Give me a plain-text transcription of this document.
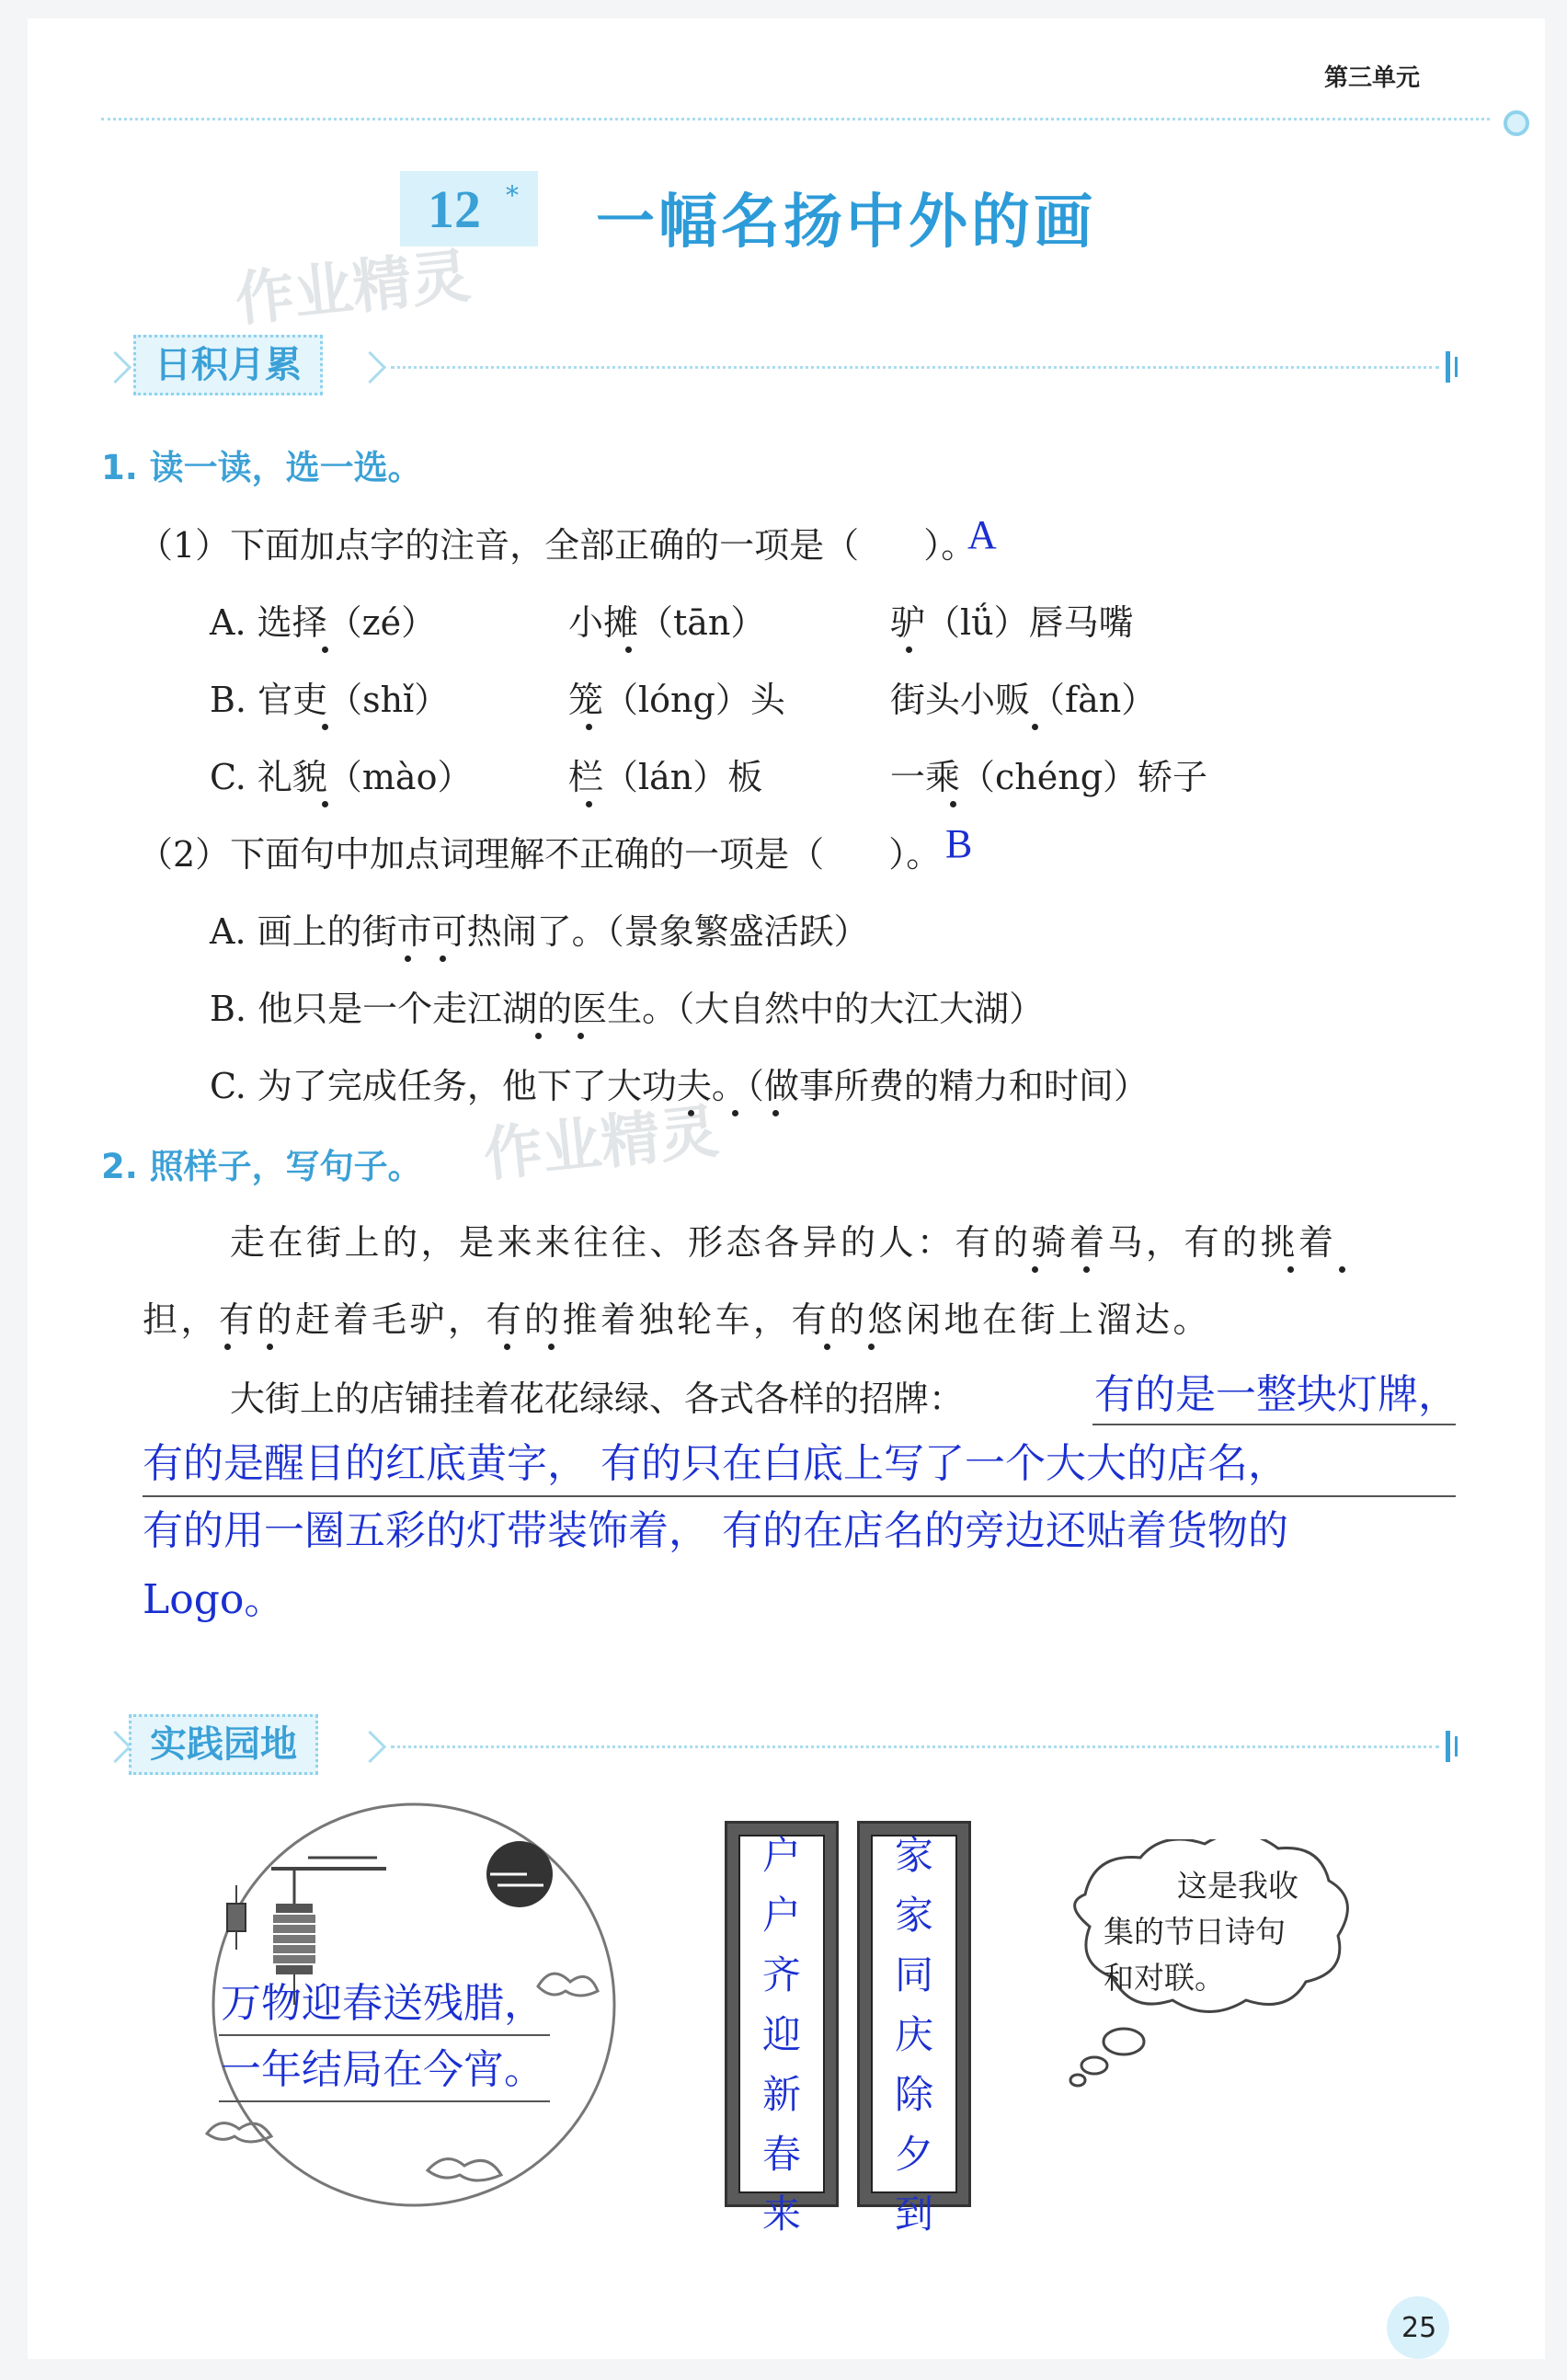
第三单元
12 * 一幅名扬中外的画
作业精灵
日积月累
1. 读一读，选一选。
（1）下面加点字的注音，全部正确的一项是（ ）。
A
A. 选择（zé）	小摊（tān）	驴（lǘ）唇马嘴
B. 官吏（shǐ）	笼（lóng）头	街头小贩（fàn）
C. 礼貌（mào）	栏（lán）板	一乘（chéng）轿子
（2）下面句中加点词理解不正确的一项是（ ）。 B
A. 画上的街市可热闹了。（景象繁盛活跃）
B. 他只是一个走江湖的医生。（大自然中的大江大湖）
C. 为了完成任务，他下了大功夫。（做事所费的精力和时间）
作业精灵
2. 照样子，写句子。
走在街上的，是来来往往、形态各异的人：有的骑着马，有的挑着
担，有的赶着毛驴，有的推着独轮车，有的悠闲地在街上溜达。
大街上的店铺挂着花花绿绿、各式各样的招牌：	有的是一整块灯牌，
有的是醒目的红底黄字， 有的只在白底上写了一个大大的店名，
有的用一圈五彩的灯带装饰着， 有的在店名的旁边还贴着货物的
Logo。
实践园地
万物迎春送残腊，
一年结局在今宵。
户
户
齐
迎
新
春
来
家
家
同
庆
除
夕
到
这是我收
集的节日诗句
和对联。
25
